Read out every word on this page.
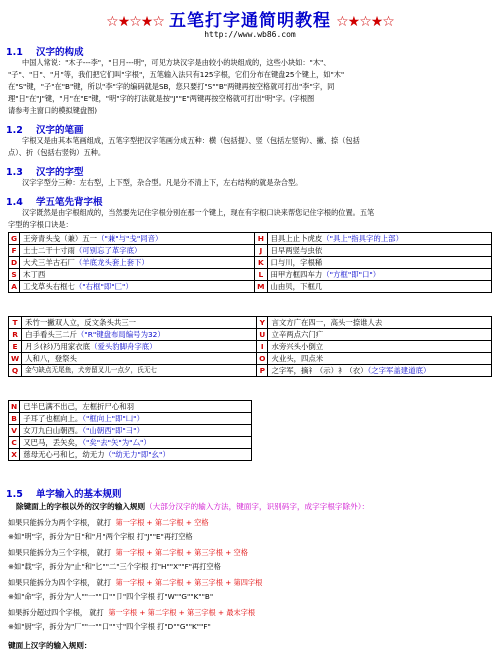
☆★☆★☆ 五笔打字通简明教程 ☆★☆★☆
http://www.wb86.com
1.1 汉字的构成
中国人常说："木子---李"，"日月---明"，可见方块汉字是由较小的块组成的，这些小块如："木"、
"子"、"日"、"月"等，我们把它们叫"字根"，五笔输入法只有125字根，它们分布在键盘25个键上，如"木"
在"S"键，"子"在"B"键，所以"李"字的编码就是SB，您只要打"S""B"两键再按空格就可打出"李"字，同
理"日"在"J"键，"月"在"E"键，"明"字的打法就是按"J""E"两键再按空格就可打出"明"字。(字根图
请参考主窗口的模拟键盘图)
1.2 汉字的笔画
字根又是由其本笔画组成，五笔字型把汉字笔画分成五种：横（包括提）、竖（包括左竖钩）、撇、捺（包括
点）、折（包括右竖钩）五种。
1.3 汉字的字型
汉字字型分三种：左右型，上下型，杂合型。凡是分不清上下，左右结构的就是杂合型。
1.4 学五笔先背字根
汉字既然是由字根组成的，当然要先记住字根分别在那一个键上，现在有字根口诀来帮您记住字根的位置。五笔
字型的字根口诀是：
G	王旁青头戋（兼）五一（"兼"与"戋"同音）	H	目具上止卜虎皮（"具上"指具字的上部）
F	土士二干十寸雨（可别忘了革字底）	J	日早两竖与虫依
D	大犬三羊古石厂（羊底龙头套上套下）	K	口与川，字根稀
S	木丁西	L	田甲方框四车力（"方框"即"口"）
A	工戈草头右框七（"右框"即"匚"）	M	山由贝，下框几
T	禾竹一撇双人立，反文条头共三一	Y	言文方广在四一，高头一捺谁人去
R	白手看头三二斤（"R"键盘布局编号为32）	U	立辛两点六门疒
E	月彡(衫)乃用家衣底（爱头豹脚舟字底）	I	水旁兴头小倒立
W	人和八，登祭头	O	火业头，四点米
Q	金勺缺点无尾鱼，犬旁留叉儿一点夕，氏无七	P	之字军，摘礻（示）衤（衣）（之字军盖建道底）
N	已半巳满不出己，左框折尸心和羽
B	子耳了也框向上。（"框向上"即"凵"）
V	女刀九臼山朝西。（"山朝西"即"彐"）
C	又巴马，丢矢矣，（"矣"去"矢"为"厶"）
X	慈母无心弓和匕，幼无力（"幼无力"即"幺"）
1.5 单字输入的基本规则
除键面上的字根以外的汉字的输入规则（大部分汉字的输入方法，键面字，识别码字，成字字根字除外）：
如果只能拆分为两个字根， 就打 第一字根 + 第二字根 + 空格
※如"明"字，拆分为"日"和"月"两个字根 打"J""E"再打空格
如果只能拆分为三个字根， 就打 第一字根 + 第二字根 + 第三字根 + 空格
※如"载"字，拆分为"止"和"匕""二"三个字根 打"H""X""F"再打空格
如果只能拆分为四个字根， 就打 第一字根 + 第二字根 + 第三字根 + 第四字根
※如"命"字，拆分为"人""一""口""卩"四个字根 打"W""G""K""B"
如果拆分超过四个字根， 就打 第一字根 + 第二字根 + 第三字根 + 最末字根
※如"厨"字，拆分为"厂""一""口""寸"四个字根 打"D""G""K""F"
键面上汉字的输入规则：
